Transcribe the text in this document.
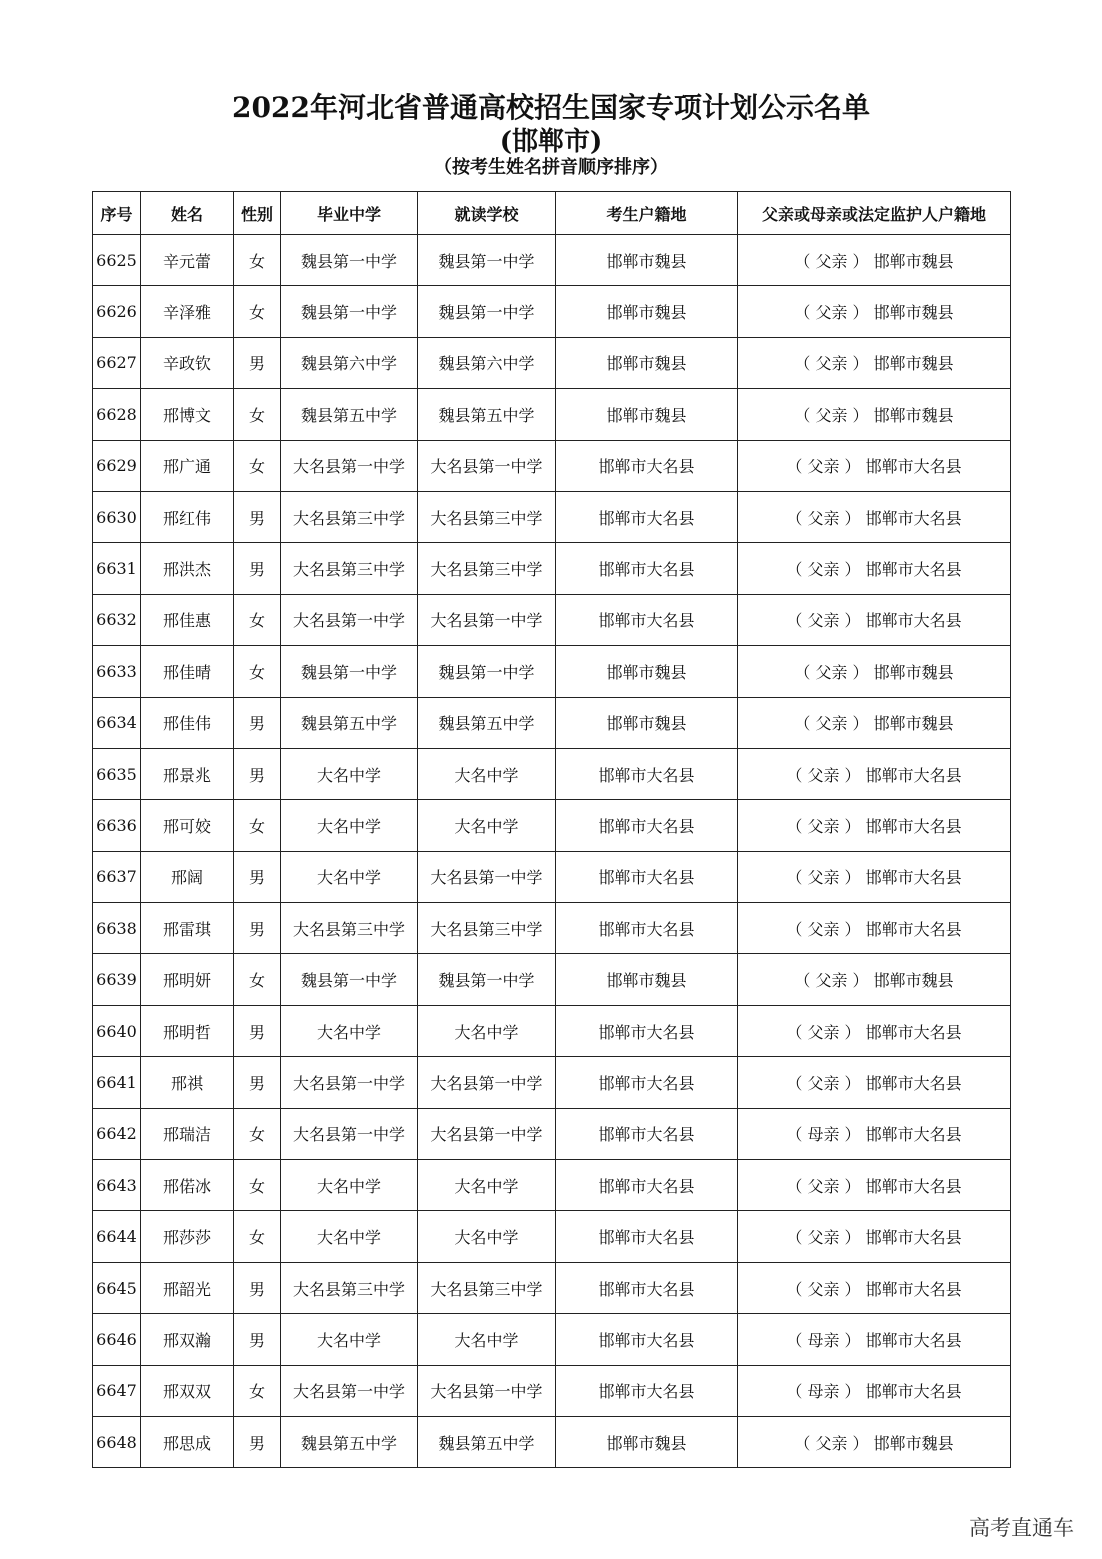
2022年河北省普通高校招生国家专项计划公示名单
(邯郸市)
（按考生姓名拼音顺序排序）
序号	姓名	性别	毕业中学	就读学校	考生户籍地	父亲或母亲或法定监护人户籍地
6625	辛元蕾	女	魏县第一中学	魏县第一中学	邯郸市魏县	（ 父亲 ） 邯郸市魏县
6626	辛泽雅	女	魏县第一中学	魏县第一中学	邯郸市魏县	（ 父亲 ） 邯郸市魏县
6627	辛政钦	男	魏县第六中学	魏县第六中学	邯郸市魏县	（ 父亲 ） 邯郸市魏县
6628	邢博文	女	魏县第五中学	魏县第五中学	邯郸市魏县	（ 父亲 ） 邯郸市魏县
6629	邢广通	女	大名县第一中学	大名县第一中学	邯郸市大名县	（ 父亲 ） 邯郸市大名县
6630	邢红伟	男	大名县第三中学	大名县第三中学	邯郸市大名县	（ 父亲 ） 邯郸市大名县
6631	邢洪杰	男	大名县第三中学	大名县第三中学	邯郸市大名县	（ 父亲 ） 邯郸市大名县
6632	邢佳惠	女	大名县第一中学	大名县第一中学	邯郸市大名县	（ 父亲 ） 邯郸市大名县
6633	邢佳晴	女	魏县第一中学	魏县第一中学	邯郸市魏县	（ 父亲 ） 邯郸市魏县
6634	邢佳伟	男	魏县第五中学	魏县第五中学	邯郸市魏县	（ 父亲 ） 邯郸市魏县
6635	邢景兆	男	大名中学	大名中学	邯郸市大名县	（ 父亲 ） 邯郸市大名县
6636	邢可姣	女	大名中学	大名中学	邯郸市大名县	（ 父亲 ） 邯郸市大名县
6637	邢阔	男	大名中学	大名县第一中学	邯郸市大名县	（ 父亲 ） 邯郸市大名县
6638	邢雷琪	男	大名县第三中学	大名县第三中学	邯郸市大名县	（ 父亲 ） 邯郸市大名县
6639	邢明妍	女	魏县第一中学	魏县第一中学	邯郸市魏县	（ 父亲 ） 邯郸市魏县
6640	邢明哲	男	大名中学	大名中学	邯郸市大名县	（ 父亲 ） 邯郸市大名县
6641	邢祺	男	大名县第一中学	大名县第一中学	邯郸市大名县	（ 父亲 ） 邯郸市大名县
6642	邢瑞洁	女	大名县第一中学	大名县第一中学	邯郸市大名县	（ 母亲 ） 邯郸市大名县
6643	邢偌冰	女	大名中学	大名中学	邯郸市大名县	（ 父亲 ） 邯郸市大名县
6644	邢莎莎	女	大名中学	大名中学	邯郸市大名县	（ 父亲 ） 邯郸市大名县
6645	邢韶光	男	大名县第三中学	大名县第三中学	邯郸市大名县	（ 父亲 ） 邯郸市大名县
6646	邢双瀚	男	大名中学	大名中学	邯郸市大名县	（ 母亲 ） 邯郸市大名县
6647	邢双双	女	大名县第一中学	大名县第一中学	邯郸市大名县	（ 母亲 ） 邯郸市大名县
6648	邢思成	男	魏县第五中学	魏县第五中学	邯郸市魏县	（ 父亲 ） 邯郸市魏县
高考直通车
